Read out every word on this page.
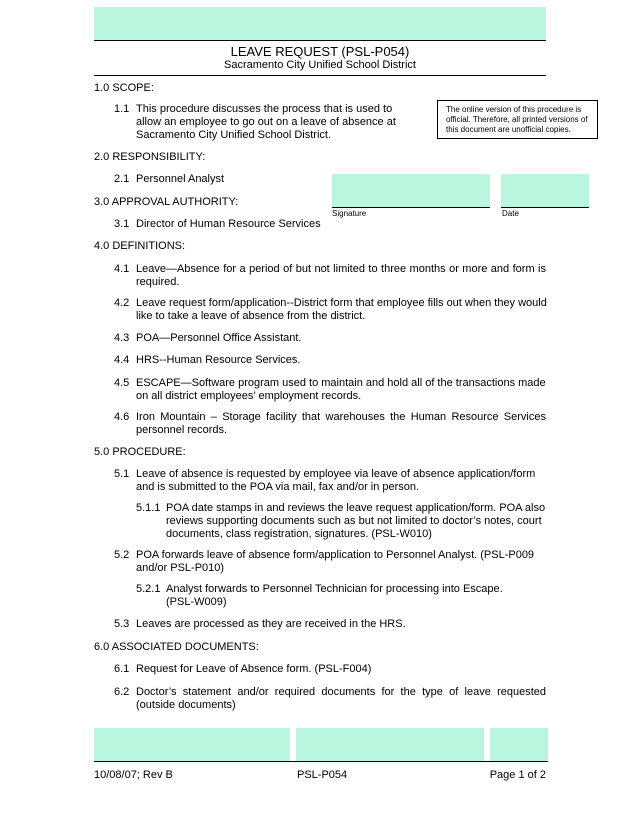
LEAVE REQUEST (PSL-P054)
Sacramento City Unified School District
The online version of this procedure is official. Therefore, all printed versions of this document are unofficial copies.
Signature	Date
1.0 SCOPE:
1.1 This procedure discusses the process that is used to allow an employee to go out on a leave of absence at Sacramento City Unified School District.
2.0 RESPONSIBILITY:
2.1 Personnel Analyst
3.0 APPROVAL AUTHORITY:
3.1 Director of Human Resource Services
4.0 DEFINITIONS:
4.1 Leave—Absence for a period of but not limited to three months or more and form is required.
4.2 Leave request form/application--District form that employee fills out when they would like to take a leave of absence from the district.
4.3 POA—Personnel Office Assistant.
4.4 HRS--Human Resource Services.
4.5 ESCAPE—Software program used to maintain and hold all of the transactions made on all district employees’ employment records.
4.6 Iron Mountain – Storage facility that warehouses the Human Resource Services personnel records.
5.0 PROCEDURE:
5.1 Leave of absence is requested by employee via leave of absence application/form and is submitted to the POA via mail, fax and/or in person.
5.1.1 POA date stamps in and reviews the leave request application/form. POA also reviews supporting documents such as but not limited to doctor’s notes, court documents, class registration, signatures. (PSL-W010)
5.2 POA forwards leave of absence form/application to Personnel Analyst. (PSL-P009 and/or PSL-P010)
5.2.1 Analyst forwards to Personnel Technician for processing into Escape. (PSL-W009)
5.3 Leaves are processed as they are received in the HRS.
6.0 ASSOCIATED DOCUMENTS:
6.1 Request for Leave of Absence form. (PSL-F004)
6.2 Doctor’s statement and/or required documents for the type of leave requested (outside documents)
10/08/07; Rev B	PSL-P054	Page 1 of 2
